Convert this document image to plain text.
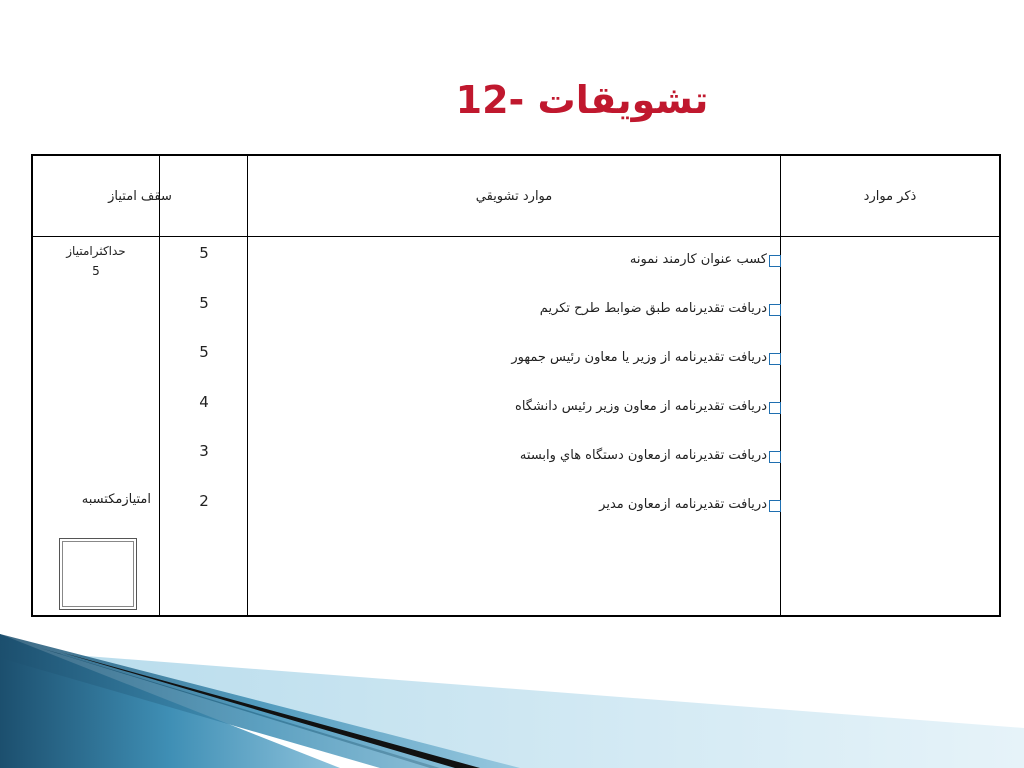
12- تشويقات
سقف امتیاز	موارد تشويقي	ذکر موارد
کسب عنوان کارمند نمونه
دریافت تقدیرنامه طبق ضوابط طرح تکریم
دریافت تقدیرنامه از وزیر یا معاون رئیس جمهور
دریافت تقدیرنامه از معاون وزیر رئیس دانشگاه
دریافت تقدیرنامه ازمعاون دستگاه هاي وابسته
دریافت تقدیرنامه ازمعاون مدیر
5
5
5
4
3
2
حداکثرامتیاز
5
امتیازمکتسبه
